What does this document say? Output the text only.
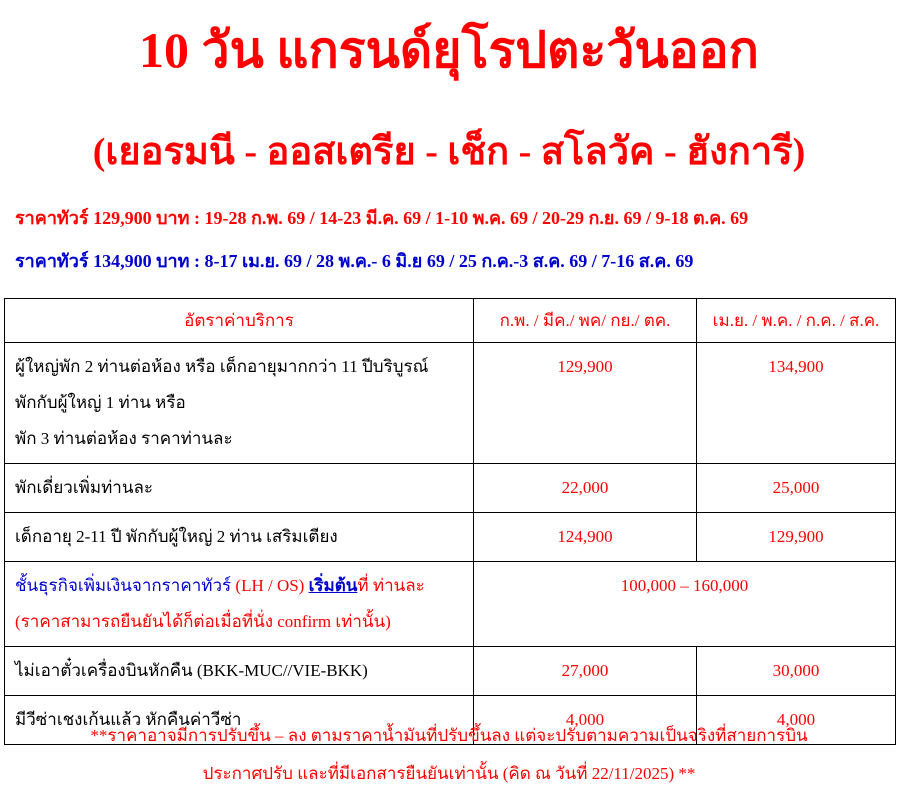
10 วัน แกรนด์ยุโรปตะวันออก
(เยอรมนี - ออสเตรีย - เช็ก - สโลวัค - ฮังการี)
ราคาทัวร์ 129,900 บาท : 19-28 ก.พ. 69 / 14-23 มี.ค. 69 / 1-10 พ.ค. 69 / 20-29 ก.ย. 69 / 9-18 ต.ค. 69
ราคาทัวร์ 134,900 บาท : 8-17 เม.ย. 69 / 28 พ.ค.- 6 มิ.ย 69 / 25 ก.ค.-3 ส.ค. 69 / 7-16 ส.ค. 69
อัตราค่าบริการ	ก.พ. / มีค./ พค/ กย./ ตค.	เม.ย. / พ.ค. / ก.ค. / ส.ค.

ผู้ใหญ่พัก 2 ท่านต่อห้อง หรือ เด็กอายุมากกว่า 11 ปีบริบูรณ์
พักกับผู้ใหญ่ 1 ท่าน หรือ
พัก 3 ท่านต่อห้อง ราคาท่านละ	129,900	134,900
พักเดี่ยวเพิ่มท่านละ	22,000	25,000
เด็กอายุ 2-11 ปี พักกับผู้ใหญ่ 2 ท่าน เสริมเตียง	124,900	129,900

ชั้นธุรกิจเพิ่มเงินจากราคาทัวร์ (LH / OS) เริ่มต้นที่ ท่านละ
(ราคาสามารถยืนยันได้ก็ต่อเมื่อที่นั่ง confirm เท่านั้น)	100,000 – 160,000	
ไม่เอาตั๋วเครื่องบินหักคืน (BKK-MUC//VIE-BKK)	27,000	30,000
มีวีซ่าเชงเก้นแล้ว หักคืนค่าวีซ่า	4,000	4,000
**ราคาอาจมีการปรับขึ้น – ลง ตามราคาน้ำมันที่ปรับขึ้นลง แต่จะปรับตามความเป็นจริงที่สายการบิน
ประกาศปรับ และที่มีเอกสารยืนยันเท่านั้น (คิด ณ วันที่ 22/11/2025) **
